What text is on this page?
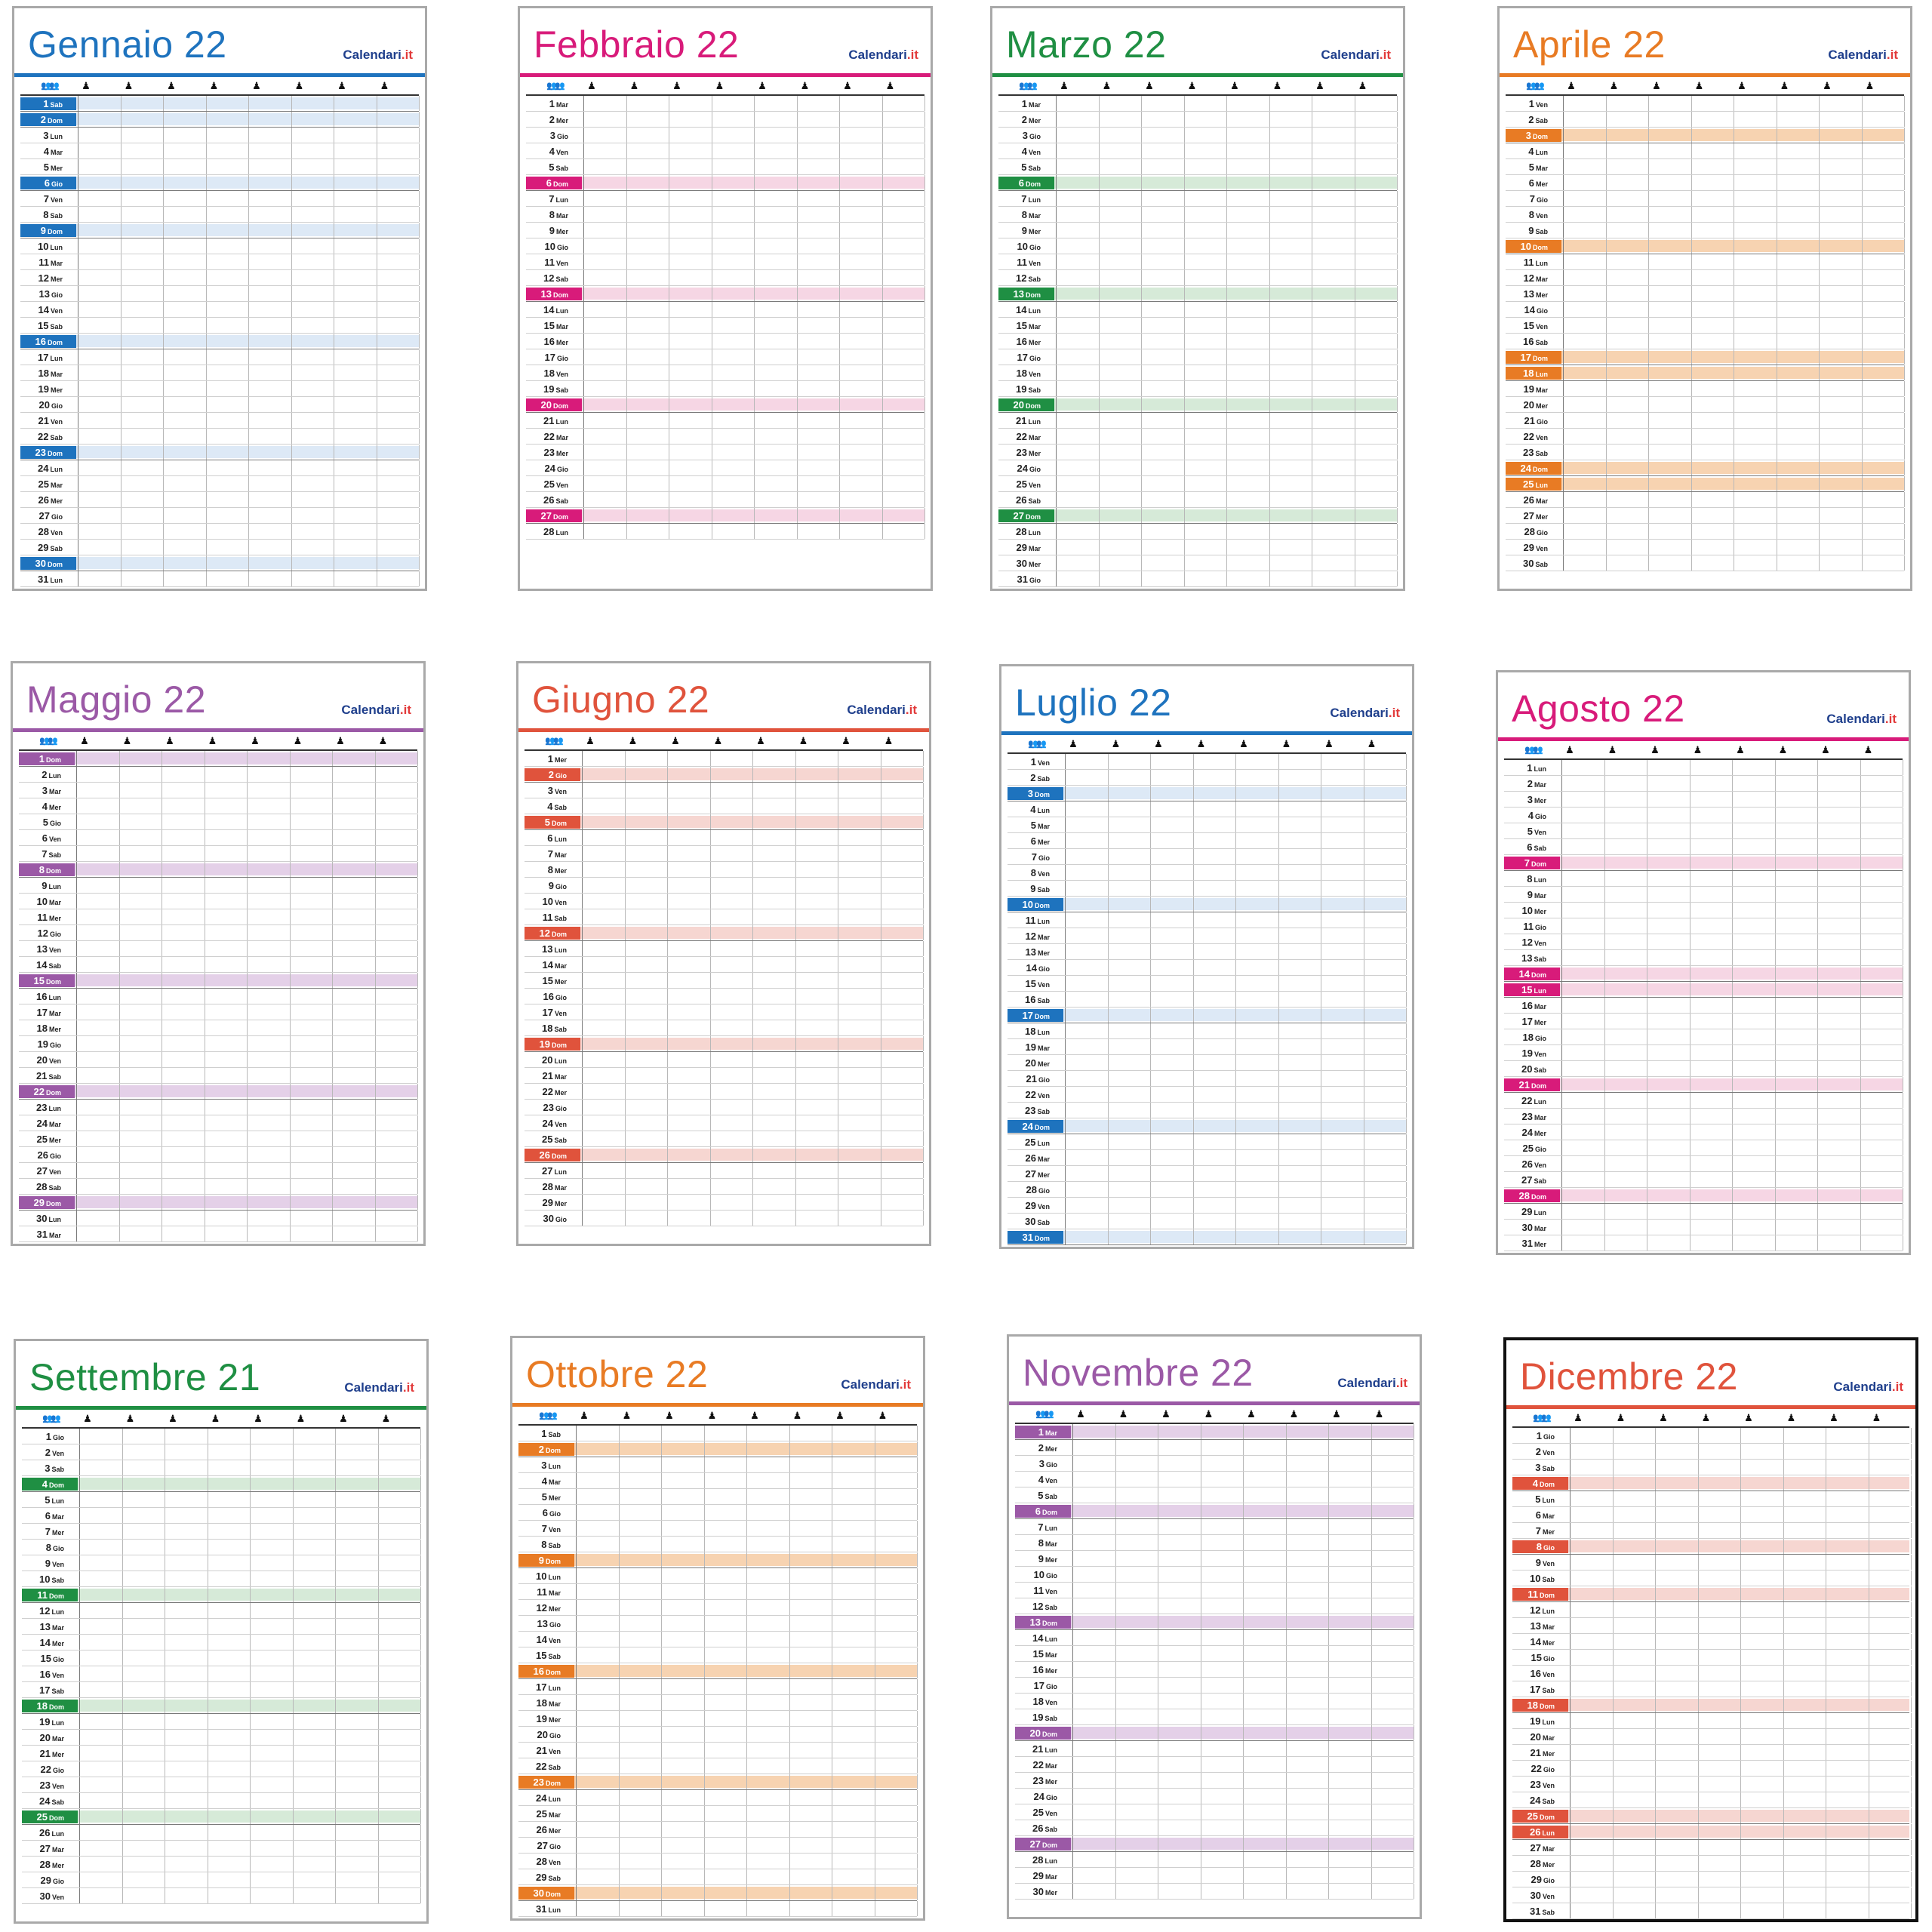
Gennaio 22	Calendari.it
👥👥	♟	♟	♟	♟	♟	♟	♟	♟
1 Sab
2 Dom
3 Lun
4 Mar
5 Mer
6 Gio
7 Ven
8 Sab
9 Dom
10 Lun
11 Mar
12 Mer
13 Gio
14 Ven
15 Sab
16 Dom
17 Lun
18 Mar
19 Mer
20 Gio
21 Ven
22 Sab
23 Dom
24 Lun
25 Mar
26 Mer
27 Gio
28 Ven
29 Sab
30 Dom
31 Lun
Febbraio 22	Calendari.it
👥👥	♟	♟	♟	♟	♟	♟	♟	♟
1 Mar
2 Mer
3 Gio
4 Ven
5 Sab
6 Dom
7 Lun
8 Mar
9 Mer
10 Gio
11 Ven
12 Sab
13 Dom
14 Lun
15 Mar
16 Mer
17 Gio
18 Ven
19 Sab
20 Dom
21 Lun
22 Mar
23 Mer
24 Gio
25 Ven
26 Sab
27 Dom
28 Lun
Marzo 22	Calendari.it
👥👥	♟	♟	♟	♟	♟	♟	♟	♟
1 Mar
2 Mer
3 Gio
4 Ven
5 Sab
6 Dom
7 Lun
8 Mar
9 Mer
10 Gio
11 Ven
12 Sab
13 Dom
14 Lun
15 Mar
16 Mer
17 Gio
18 Ven
19 Sab
20 Dom
21 Lun
22 Mar
23 Mer
24 Gio
25 Ven
26 Sab
27 Dom
28 Lun
29 Mar
30 Mer
31 Gio
Aprile 22	Calendari.it
👥👥	♟	♟	♟	♟	♟	♟	♟	♟
1 Ven
2 Sab
3 Dom
4 Lun
5 Mar
6 Mer
7 Gio
8 Ven
9 Sab
10 Dom
11 Lun
12 Mar
13 Mer
14 Gio
15 Ven
16 Sab
17 Dom
18 Lun
19 Mar
20 Mer
21 Gio
22 Ven
23 Sab
24 Dom
25 Lun
26 Mar
27 Mer
28 Gio
29 Ven
30 Sab
Maggio 22	Calendari.it
👥👥	♟	♟	♟	♟	♟	♟	♟	♟
1 Dom
2 Lun
3 Mar
4 Mer
5 Gio
6 Ven
7 Sab
8 Dom
9 Lun
10 Mar
11 Mer
12 Gio
13 Ven
14 Sab
15 Dom
16 Lun
17 Mar
18 Mer
19 Gio
20 Ven
21 Sab
22 Dom
23 Lun
24 Mar
25 Mer
26 Gio
27 Ven
28 Sab
29 Dom
30 Lun
31 Mar
Giugno 22	Calendari.it
👥👥	♟	♟	♟	♟	♟	♟	♟	♟
1 Mer
2 Gio
3 Ven
4 Sab
5 Dom
6 Lun
7 Mar
8 Mer
9 Gio
10 Ven
11 Sab
12 Dom
13 Lun
14 Mar
15 Mer
16 Gio
17 Ven
18 Sab
19 Dom
20 Lun
21 Mar
22 Mer
23 Gio
24 Ven
25 Sab
26 Dom
27 Lun
28 Mar
29 Mer
30 Gio
Luglio 22	Calendari.it
👥👥	♟	♟	♟	♟	♟	♟	♟	♟
1 Ven
2 Sab
3 Dom
4 Lun
5 Mar
6 Mer
7 Gio
8 Ven
9 Sab
10 Dom
11 Lun
12 Mar
13 Mer
14 Gio
15 Ven
16 Sab
17 Dom
18 Lun
19 Mar
20 Mer
21 Gio
22 Ven
23 Sab
24 Dom
25 Lun
26 Mar
27 Mer
28 Gio
29 Ven
30 Sab
31 Dom
Agosto 22	Calendari.it
👥👥	♟	♟	♟	♟	♟	♟	♟	♟
1 Lun
2 Mar
3 Mer
4 Gio
5 Ven
6 Sab
7 Dom
8 Lun
9 Mar
10 Mer
11 Gio
12 Ven
13 Sab
14 Dom
15 Lun
16 Mar
17 Mer
18 Gio
19 Ven
20 Sab
21 Dom
22 Lun
23 Mar
24 Mer
25 Gio
26 Ven
27 Sab
28 Dom
29 Lun
30 Mar
31 Mer
Settembre 21	Calendari.it
👥👥	♟	♟	♟	♟	♟	♟	♟	♟
1 Gio
2 Ven
3 Sab
4 Dom
5 Lun
6 Mar
7 Mer
8 Gio
9 Ven
10 Sab
11 Dom
12 Lun
13 Mar
14 Mer
15 Gio
16 Ven
17 Sab
18 Dom
19 Lun
20 Mar
21 Mer
22 Gio
23 Ven
24 Sab
25 Dom
26 Lun
27 Mar
28 Mer
29 Gio
30 Ven
Ottobre 22	Calendari.it
👥👥	♟	♟	♟	♟	♟	♟	♟	♟
1 Sab
2 Dom
3 Lun
4 Mar
5 Mer
6 Gio
7 Ven
8 Sab
9 Dom
10 Lun
11 Mar
12 Mer
13 Gio
14 Ven
15 Sab
16 Dom
17 Lun
18 Mar
19 Mer
20 Gio
21 Ven
22 Sab
23 Dom
24 Lun
25 Mar
26 Mer
27 Gio
28 Ven
29 Sab
30 Dom
31 Lun
Novembre 22	Calendari.it
👥👥	♟	♟	♟	♟	♟	♟	♟	♟
1 Mar
2 Mer
3 Gio
4 Ven
5 Sab
6 Dom
7 Lun
8 Mar
9 Mer
10 Gio
11 Ven
12 Sab
13 Dom
14 Lun
15 Mar
16 Mer
17 Gio
18 Ven
19 Sab
20 Dom
21 Lun
22 Mar
23 Mer
24 Gio
25 Ven
26 Sab
27 Dom
28 Lun
29 Mar
30 Mer
Dicembre 22	Calendari.it
👥👥	♟	♟	♟	♟	♟	♟	♟	♟
1 Gio
2 Ven
3 Sab
4 Dom
5 Lun
6 Mar
7 Mer
8 Gio
9 Ven
10 Sab
11 Dom
12 Lun
13 Mar
14 Mer
15 Gio
16 Ven
17 Sab
18 Dom
19 Lun
20 Mar
21 Mer
22 Gio
23 Ven
24 Sab
25 Dom
26 Lun
27 Mar
28 Mer
29 Gio
30 Ven
31 Sab
